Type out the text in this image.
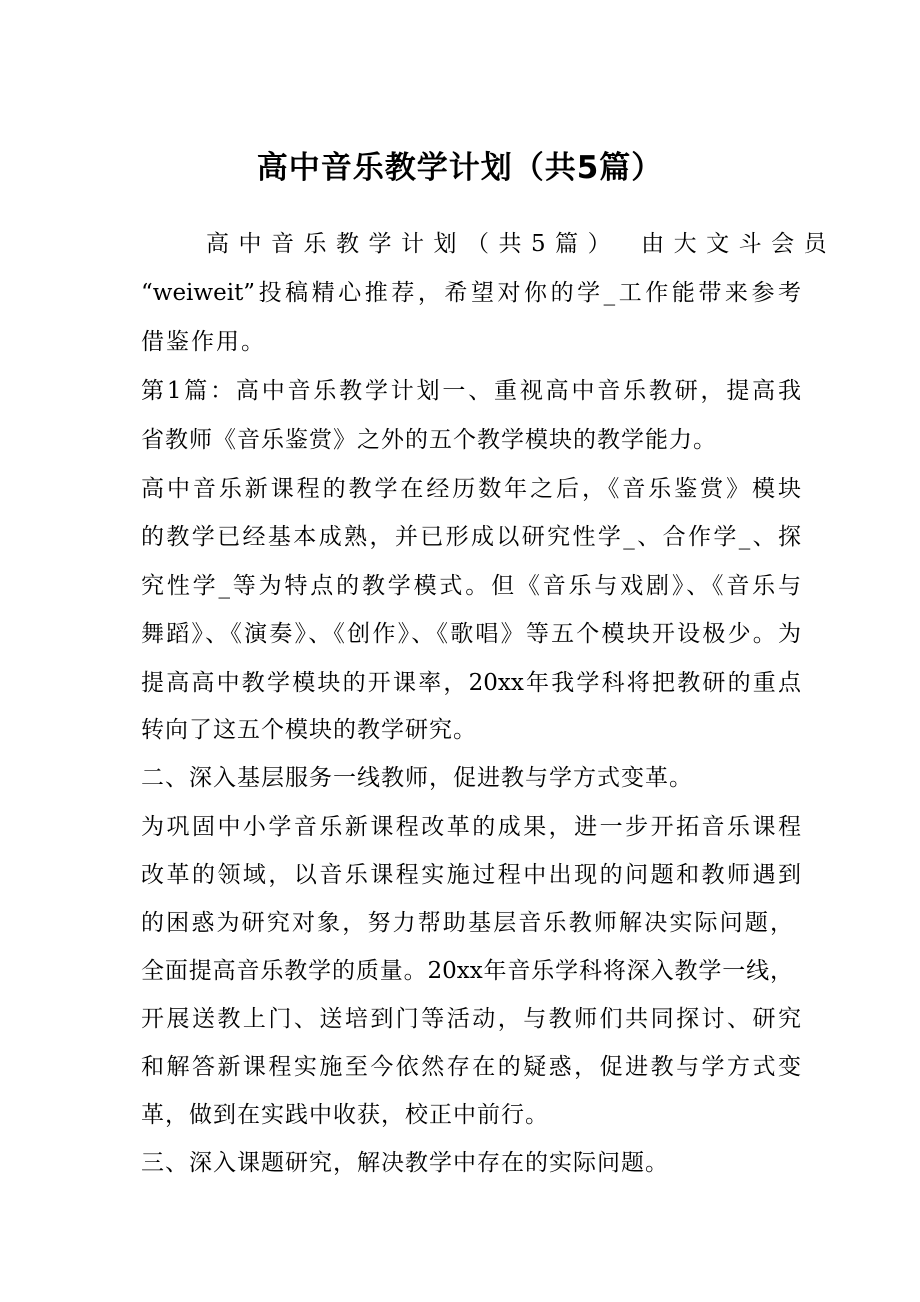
高中音乐教学计划（共5篇）

　　高中音乐教学计划（共5篇）　由大文斗会员

“weiweit”投稿精心推荐，希望对你的学_工作能带来参考

借鉴作用。

第1篇：高中音乐教学计划一、重视高中音乐教研，提高我

省教师《音乐鉴赏》之外的五个教学模块的教学能力。

高中音乐新课程的教学在经历数年之后，《音乐鉴赏》模块

的教学已经基本成熟，并已形成以研究性学_、合作学_、探

究性学_等为特点的教学模式。但《音乐与戏剧》、《音乐与

舞蹈》、《演奏》、《创作》、《歌唱》等五个模块开设极少。为

提高高中教学模块的开课率，20xx年我学科将把教研的重点

转向了这五个模块的教学研究。

二、深入基层服务一线教师，促进教与学方式变革。

为巩固中小学音乐新课程改革的成果，进一步开拓音乐课程

改革的领域，以音乐课程实施过程中出现的问题和教师遇到

的困惑为研究对象，努力帮助基层音乐教师解决实际问题，

全面提高音乐教学的质量。20xx年音乐学科将深入教学一线，

开展送教上门、送培到门等活动，与教师们共同探讨、研究

和解答新课程实施至今依然存在的疑惑，促进教与学方式变

革，做到在实践中收获，校正中前行。

三、深入课题研究，解决教学中存在的实际问题。
